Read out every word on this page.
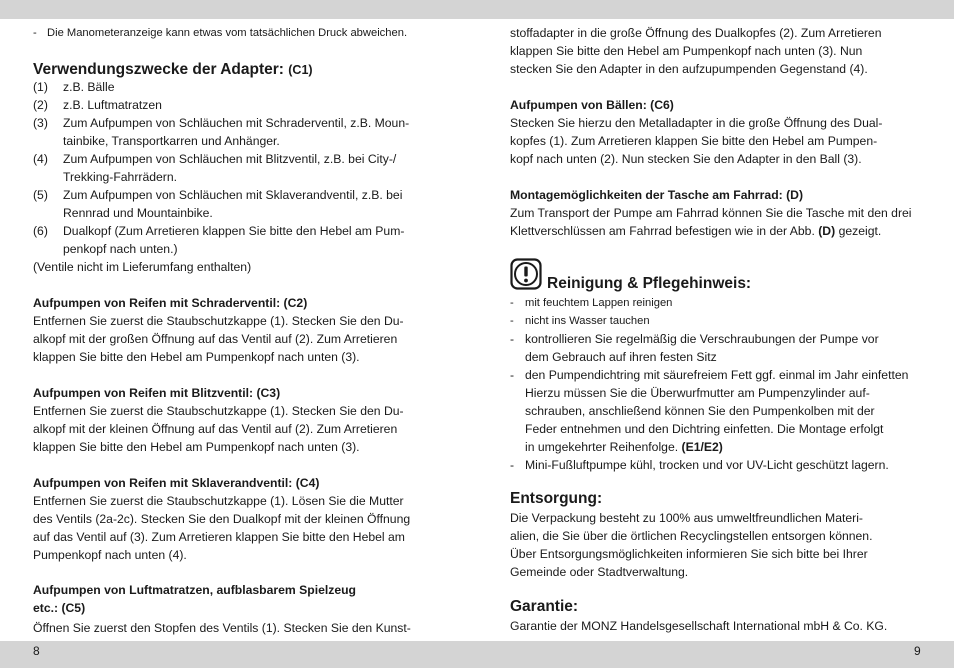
8	9
- Die Manometeranzeige kann etwas vom tatsächlichen Druck abweichen.
Verwendungszwecke der Adapter: (C1)
(1) z.B. Bälle
(2) z.B. Luftmatratzen
(3) Zum Aufpumpen von Schläuchen mit Schraderventil, z.B. Moun-
tainbike, Transportkarren und Anhänger.
(4) Zum Aufpumpen von Schläuchen mit Blitzventil, z.B. bei City-/
Trekking-Fahrrädern.
(5) Zum Aufpumpen von Schläuchen mit Sklaverandventil, z.B. bei
Rennrad und Mountainbike.
(6) Dualkopf (Zum Arretieren klappen Sie bitte den Hebel am Pum-
penkopf nach unten.)
(Ventile nicht im Lieferumfang enthalten)
Aufpumpen von Reifen mit Schraderventil: (C2)
Entfernen Sie zuerst die Staubschutzkappe (1). Stecken Sie den Du-
alkopf mit der großen Öffnung auf das Ventil auf (2). Zum Arretieren
klappen Sie bitte den Hebel am Pumpenkopf nach unten (3).
Aufpumpen von Reifen mit Blitzventil: (C3)
Entfernen Sie zuerst die Staubschutzkappe (1). Stecken Sie den Du-
alkopf mit der kleinen Öffnung auf das Ventil auf (2). Zum Arretieren
klappen Sie bitte den Hebel am Pumpenkopf nach unten (3).
Aufpumpen von Reifen mit Sklaverandventil: (C4)
Entfernen Sie zuerst die Staubschutzkappe (1). Lösen Sie die Mutter
des Ventils (2a-2c). Stecken Sie den Dualkopf mit der kleinen Öffnung
auf das Ventil auf (3). Zum Arretieren klappen Sie bitte den Hebel am
Pumpenkopf nach unten (4).
Aufpumpen von Luftmatratzen, aufblasbarem Spielzeug
etc.: (C5)
Öffnen Sie zuerst den Stopfen des Ventils (1). Stecken Sie den Kunst-
stoffadapter in die große Öffnung des Dualkopfes (2). Zum Arretieren
klappen Sie bitte den Hebel am Pumpenkopf nach unten (3). Nun
stecken Sie den Adapter in den aufzupumpenden Gegenstand (4).
Aufpumpen von Bällen: (C6)
Stecken Sie hierzu den Metalladapter in die große Öffnung des Dual-
kopfes (1). Zum Arretieren klappen Sie bitte den Hebel am Pumpen-
kopf nach unten (2). Nun stecken Sie den Adapter in den Ball (3).
Montagemöglichkeiten der Tasche am Fahrrad: (D)
Zum Transport der Pumpe am Fahrrad können Sie die Tasche mit den drei
Klettverschlüssen am Fahrrad befestigen wie in der Abb. (D) gezeigt.
Reinigung & Pflegehinweis:
- mit feuchtem Lappen reinigen
- nicht ins Wasser tauchen
- kontrollieren Sie regelmäßig die Verschraubungen der Pumpe vor
dem Gebrauch auf ihren festen Sitz
- den Pumpendichtring mit säurefreiem Fett ggf. einmal im Jahr einfetten
Hierzu müssen Sie die Überwurfmutter am Pumpenzylinder auf-
schrauben, anschließend können Sie den Pumpenkolben mit der
Feder entnehmen und den Dichtring einfetten. Die Montage erfolgt
in umgekehrter Reihenfolge. (E1/E2)
- Mini-Fußluftpumpe kühl, trocken und vor UV-Licht geschützt lagern.
Entsorgung:
Die Verpackung besteht zu 100% aus umweltfreundlichen Materi-
alien, die Sie über die örtlichen Recyclingstellen entsorgen können.
Über Entsorgungsmöglichkeiten informieren Sie sich bitte bei Ihrer
Gemeinde oder Stadtverwaltung.
Garantie:
Garantie der MONZ Handelsgesellschaft International mbH & Co. KG.
